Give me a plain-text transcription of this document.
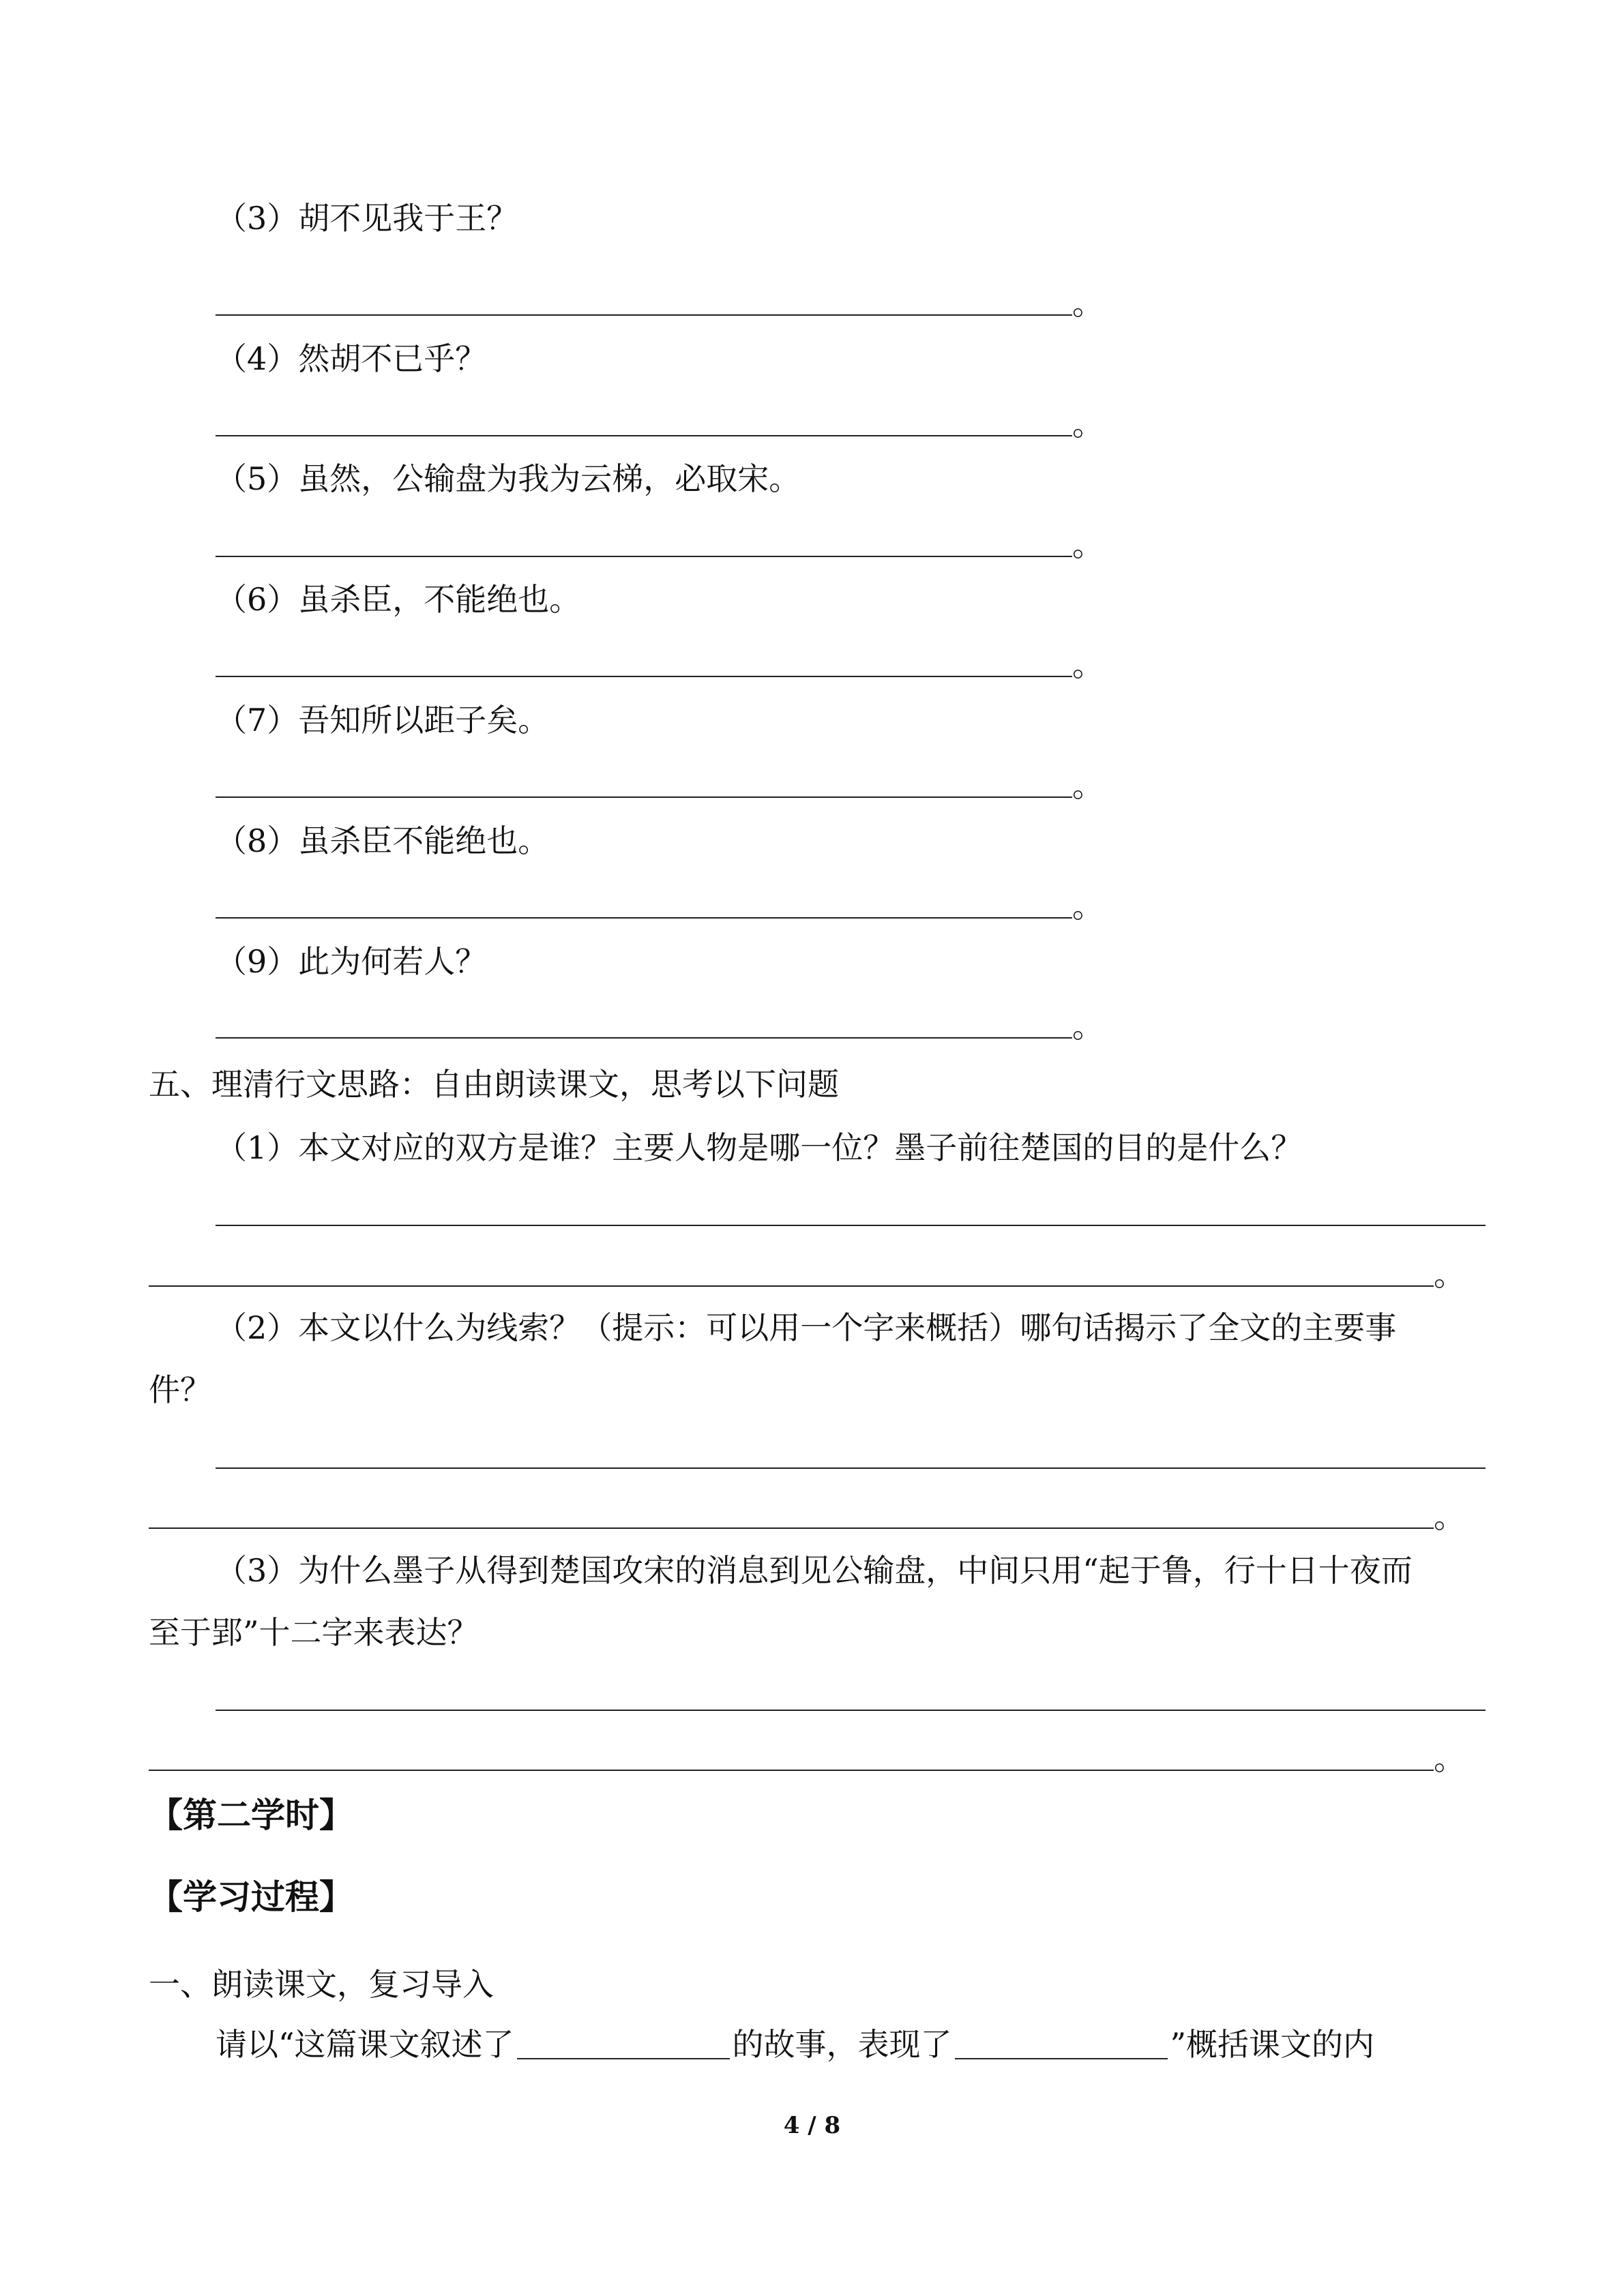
（3）胡不见我于王？
。
（4）然胡不已乎？
。
（5）虽然，公输盘为我为云梯，必取宋。
。
（6）虽杀臣，不能绝也。
。
（7）吾知所以距子矣。
。
（8）虽杀臣不能绝也。
。
（9）此为何若人？
。
五、理清行文思路：自由朗读课文，思考以下问题
（1）本文对应的双方是谁？主要人物是哪一位？墨子前往楚国的目的是什么？
。
（2）本文以什么为线索？（提示：可以用一个字来概括）哪句话揭示了全文的主要事
件？
。
（3）为什么墨子从得到楚国攻宋的消息到见公输盘，中间只用“起于鲁，行十日十夜而
至于郢”十二字来表达？
。
【第二学时】
【学习过程】
一、朗读课文，复习导入
请以“这篇课文叙述了	的故事，表现了	”概括课文的内
4 / 8
